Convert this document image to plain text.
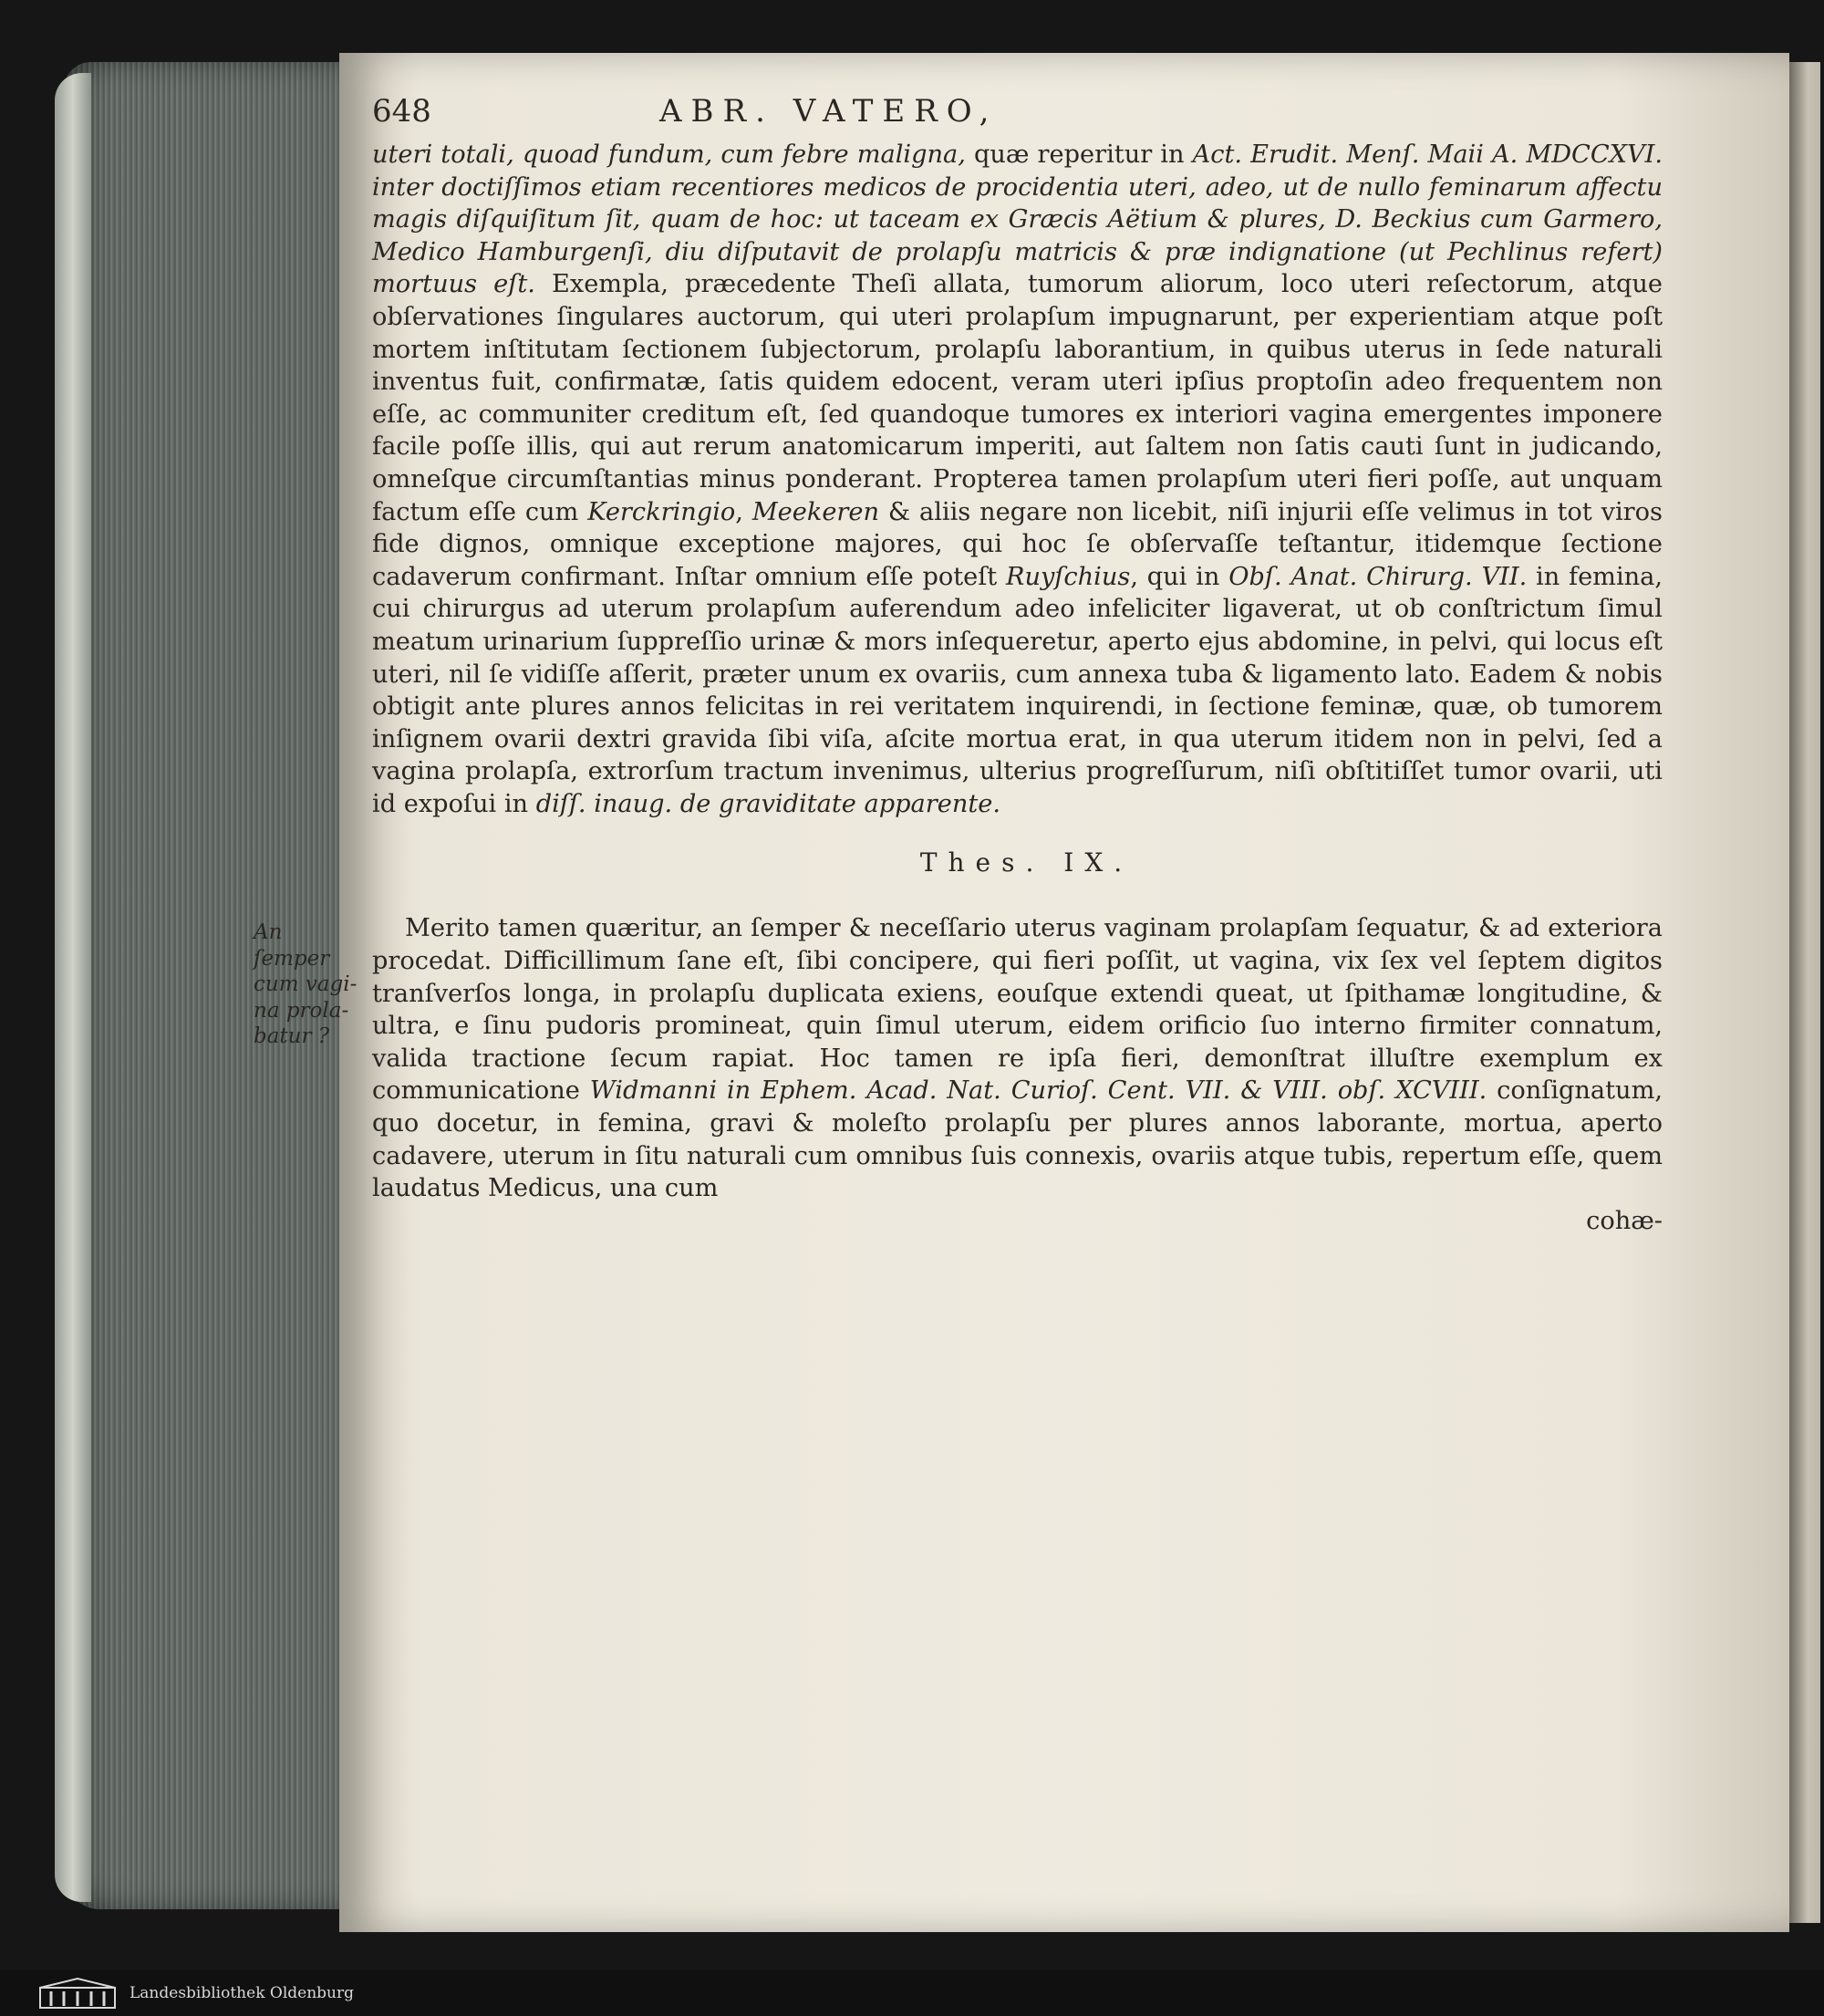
648	ABR. VATERO,

uteri totali, quoad fundum, cum febre maligna, quæ reperitur in Act. Erudit. Menſ. Maii A. MDCCXVI. inter doctiſſimos etiam recentiores medicos de procidentia uteri, adeo, ut de nullo feminarum affectu magis diſquiſitum ſit, quam de hoc: ut taceam ex Græcis Aëtium & plures, D. Beckius cum Garmero, Medico Hamburgenſi, diu diſputavit de prolapſu matricis & præ indignatione (ut Pechlinus refert) mortuus eſt. Exempla, præcedente Theſi allata, tumorum aliorum, loco uteri reſectorum, atque obſervationes ſingulares auctorum, qui uteri prolapſum impugnarunt, per experientiam atque poſt mortem inſtitutam ſectionem ſubjectorum, prolapſu laborantium, in quibus uterus in ſede naturali inventus fuit, confirmatæ, ſatis quidem edocent, veram uteri ipſius proptoſin adeo frequentem non eſſe, ac communiter creditum eſt, ſed quandoque tumores ex interiori vagina emergentes imponere facile poſſe illis, qui aut rerum anatomicarum imperiti, aut ſaltem non ſatis cauti ſunt in judicando, omneſque circumſtantias minus ponderant. Propterea tamen prolapſum uteri fieri poſſe, aut unquam factum eſſe cum Kerckringio, Meekeren & aliis negare non licebit, niſi injurii eſſe velimus in tot viros fide dignos, omnique exceptione majores, qui hoc ſe obſervaſſe teſtantur, itidemque ſectione cadaverum confirmant. Inſtar omnium eſſe poteſt Ruyſchius, qui in Obſ. Anat. Chirurg. VII. in femina, cui chirurgus ad uterum prolapſum auferendum adeo infeliciter ligaverat, ut ob conſtrictum ſimul meatum urinarium ſuppreſſio urinæ & mors inſequeretur, aperto ejus abdomine, in pelvi, qui locus eſt uteri, nil ſe vidiſſe aſſerit, præter unum ex ovariis, cum annexa tuba & ligamento lato. Eadem & nobis obtigit ante plures annos felicitas in rei veritatem inquirendi, in ſectione feminæ, quæ, ob tumorem inſignem ovarii dextri gravida ſibi viſa, aſcite mortua erat, in qua uterum itidem non in pelvi, ſed a vagina prolapſa, extrorſum tractum invenimus, ulterius progreſſurum, niſi obſtitiſſet tumor ovarii, uti id expoſui in diſſ. inaug. de graviditate apparente.

Thes. IX.
An ſemper
cum vagi-
na prola-
batur ?

Merito tamen quæritur, an ſemper & neceſſario uterus vaginam prolapſam ſequatur, & ad exteriora procedat. Difficillimum ſane eſt, ſibi concipere, qui fieri poſſit, ut vagina, vix ſex vel ſeptem digitos tranſverſos longa, in prolapſu duplicata exiens, eouſque extendi queat, ut ſpithamæ longitudine, & ultra, e ſinu pudoris promineat, quin ſimul uterum, eidem orificio ſuo interno firmiter connatum, valida tractione ſecum rapiat. Hoc tamen re ipſa fieri, demonſtrat illuſtre exemplum ex communicatione Widmanni in Ephem. Acad. Nat. Curioſ. Cent. VII. & VIII. obſ. XCVIII. conſignatum, quo docetur, in femina, gravi & moleſto prolapſu per plures annos laborante, mortua, aperto cadavere, uterum in ſitu naturali cum omnibus ſuis connexis, ovariis atque tubis, repertum eſſe, quem laudatus Medicus, una cum

cohæ-

Landesbibliothek Oldenburg
